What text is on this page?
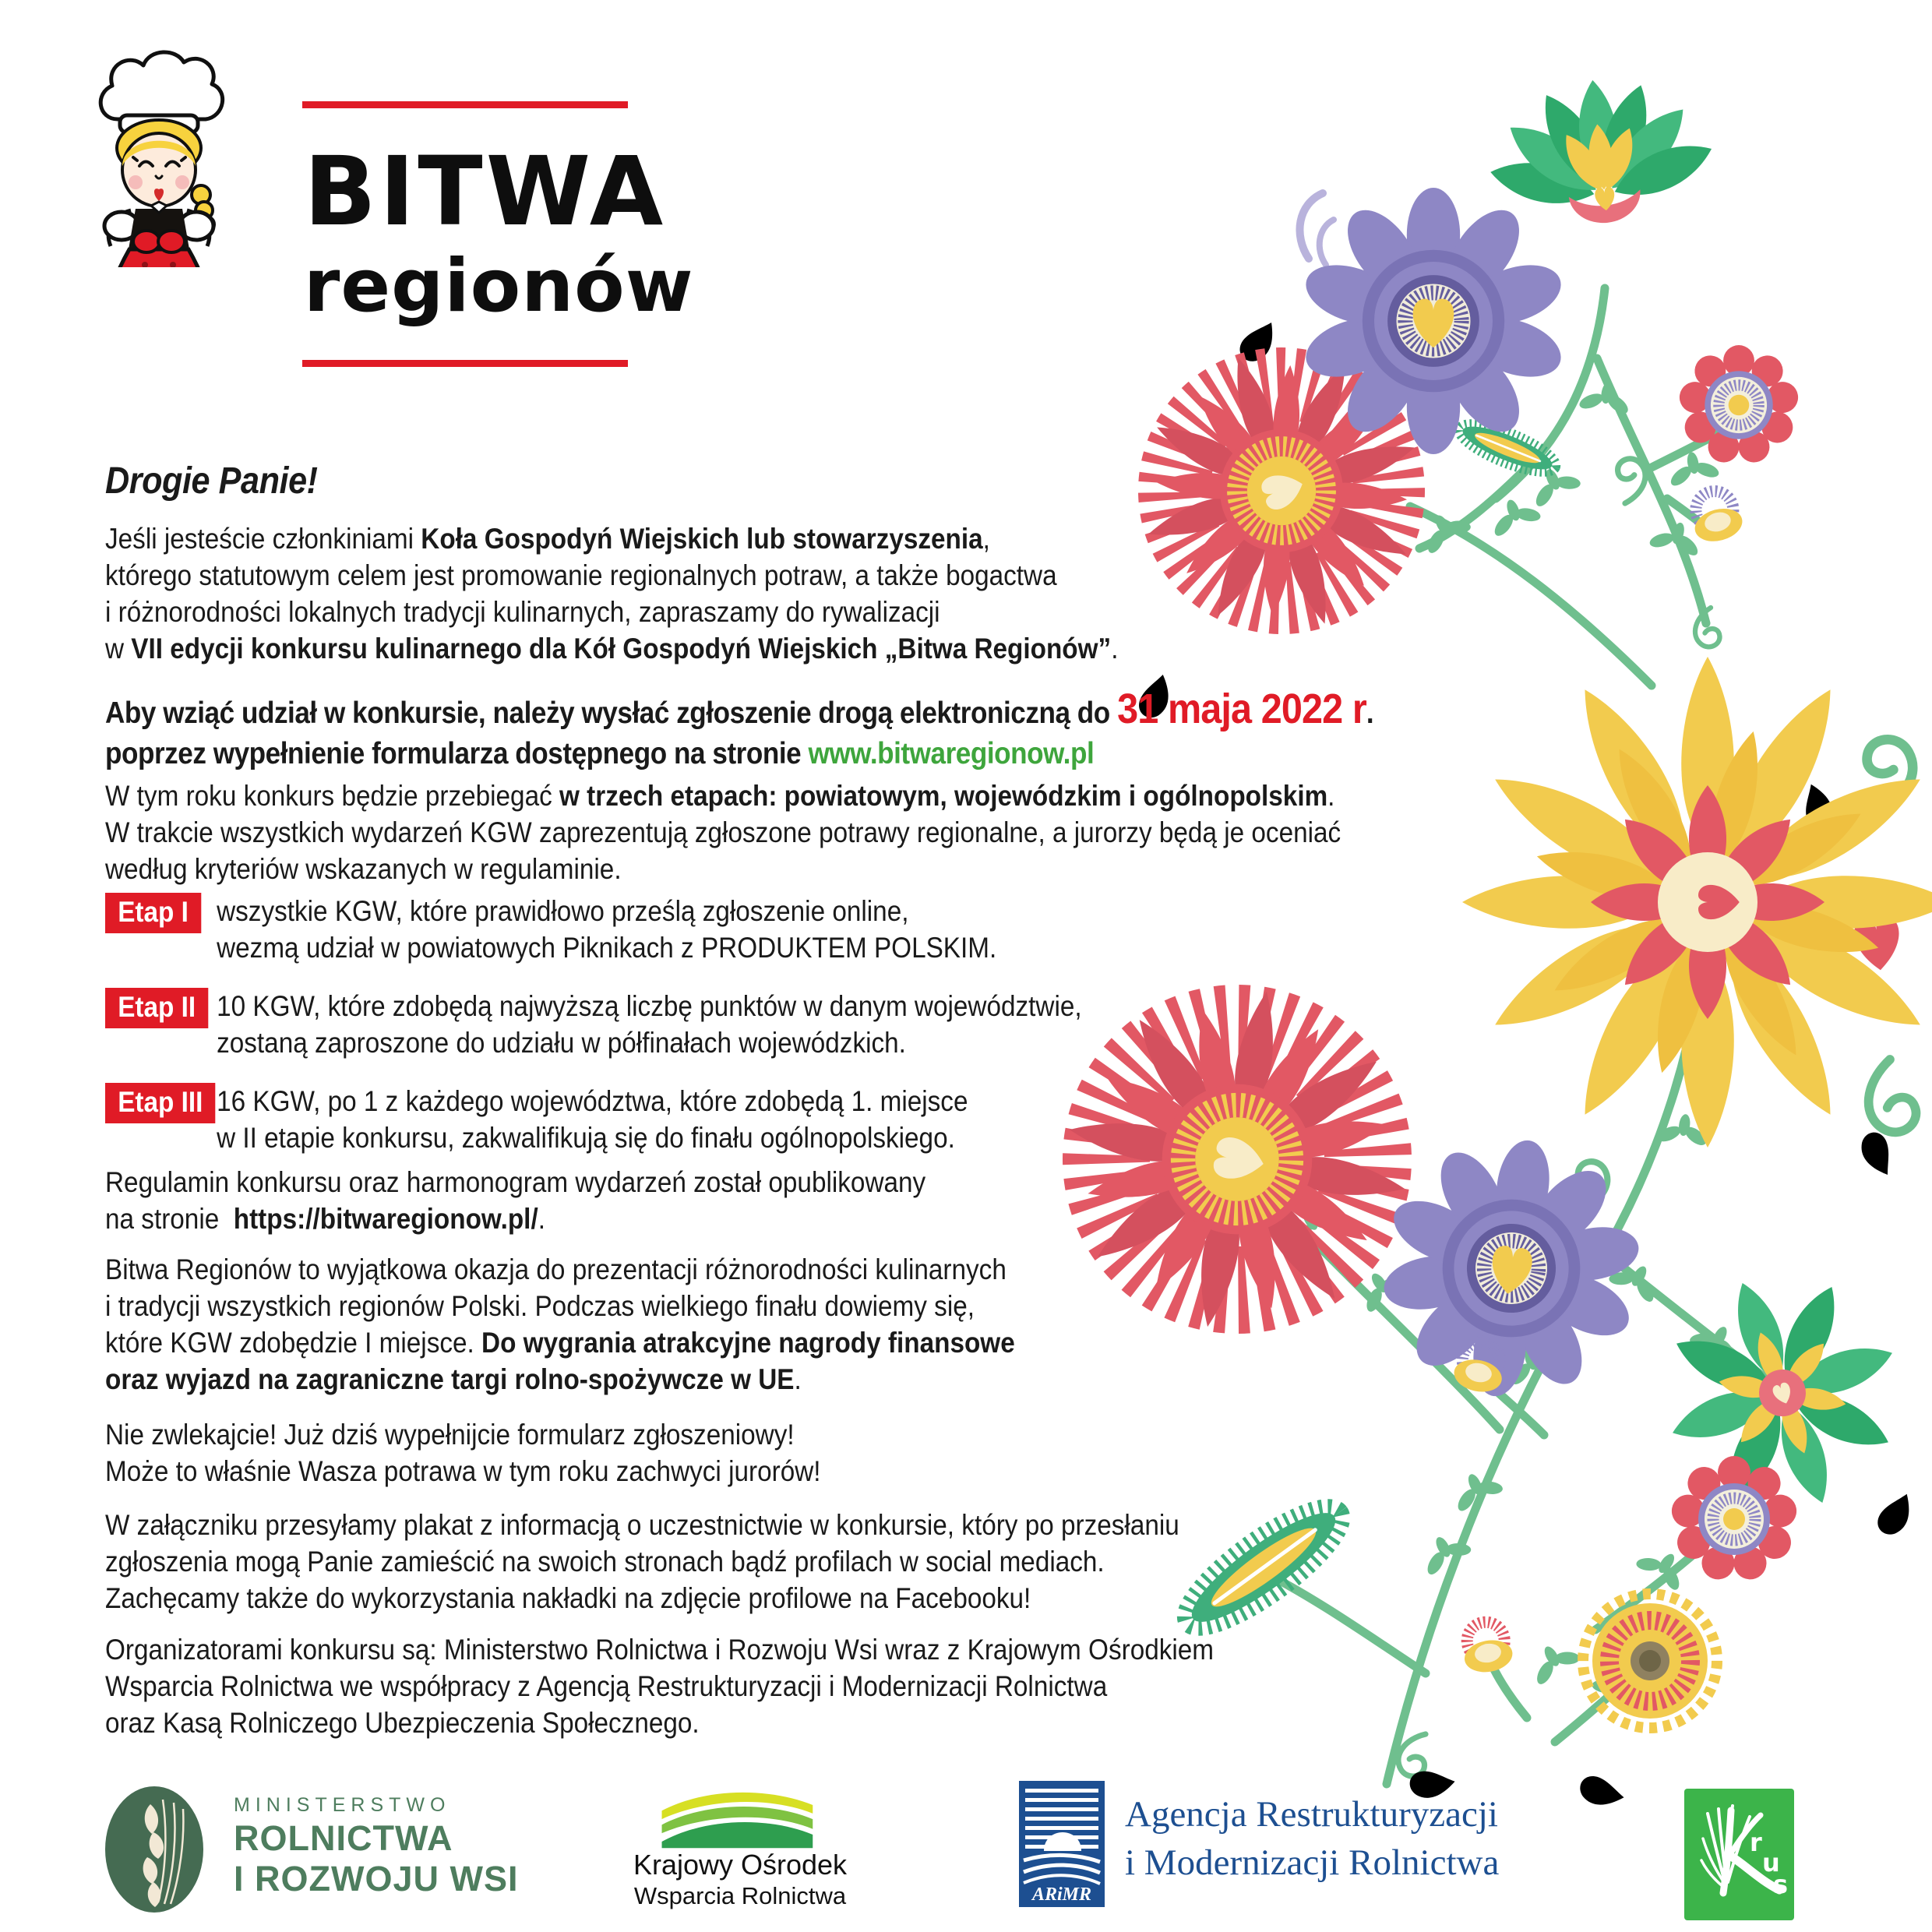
BITWA
regionów
Drogie Panie!
Jeśli jesteście członkiniami Koła Gospodyń Wiejskich lub stowarzyszenia,
którego statutowym celem jest promowanie regionalnych potraw, a także bogactwa
i różnorodności lokalnych tradycji kulinarnych, zapraszamy do rywalizacji
w VII edycji konkursu kulinarnego dla Kół Gospodyń Wiejskich „Bitwa Regionów”.
Aby wziąć udział w konkursie, należy wysłać zgłoszenie drogą elektroniczną do 31 maja 2022 r.
poprzez wypełnienie formularza dostępnego na stronie www.bitwaregionow.pl
W tym roku konkurs będzie przebiegać w trzech etapach: powiatowym, wojewódzkim i ogólnopolskim.
W trakcie wszystkich wydarzeń KGW zaprezentują zgłoszone potrawy regionalne, a jurorzy będą je oceniać
według kryteriów wskazanych w regulaminie.
Etap I wszystkie KGW, które prawidłowo prześlą zgłoszenie online,
wezmą udział w powiatowych Piknikach z PRODUKTEM POLSKIM.
Etap II 10 KGW, które zdobędą najwyższą liczbę punktów w danym województwie,
zostaną zaproszone do udziału w półfinałach wojewódzkich.
Etap III 16 KGW, po 1 z każdego województwa, które zdobędą 1. miejsce
w II etapie konkursu, zakwalifikują się do finału ogólnopolskiego.
Regulamin konkursu oraz harmonogram wydarzeń został opublikowany
na stronie  https://bitwaregionow.pl/.
Bitwa Regionów to wyjątkowa okazja do prezentacji różnorodności kulinarnych
i tradycji wszystkich regionów Polski. Podczas wielkiego finału dowiemy się,
które KGW zdobędzie I miejsce. Do wygrania atrakcyjne nagrody finansowe
oraz wyjazd na zagraniczne targi rolno-spożywcze w UE.
Nie zwlekajcie! Już dziś wypełnijcie formularz zgłoszeniowy!
Może to właśnie Wasza potrawa w tym roku zachwyci jurorów!
W załączniku przesyłamy plakat z informacją o uczestnictwie w konkursie, który po przesłaniu
zgłoszenia mogą Panie zamieścić na swoich stronach bądź profilach w social mediach.
Zachęcamy także do wykorzystania nakładki na zdjęcie profilowe na Facebooku!
Organizatorami konkursu są: Ministerstwo Rolnictwa i Rozwoju Wsi wraz z Krajowym Ośrodkiem
Wsparcia Rolnictwa we współpracy z Agencją Restrukturyzacji i Modernizacji Rolnictwa
oraz Kasą Rolniczego Ubezpieczenia Społecznego.
MINISTERSTWO
ROLNICTWA
I ROZWOJU WSI	Krajowy Ośrodek
Wsparcia Rolnictwa	ARiMR
Agencja Restrukturyzacji
i Modernizacji Rolnictwa	r
u
s
